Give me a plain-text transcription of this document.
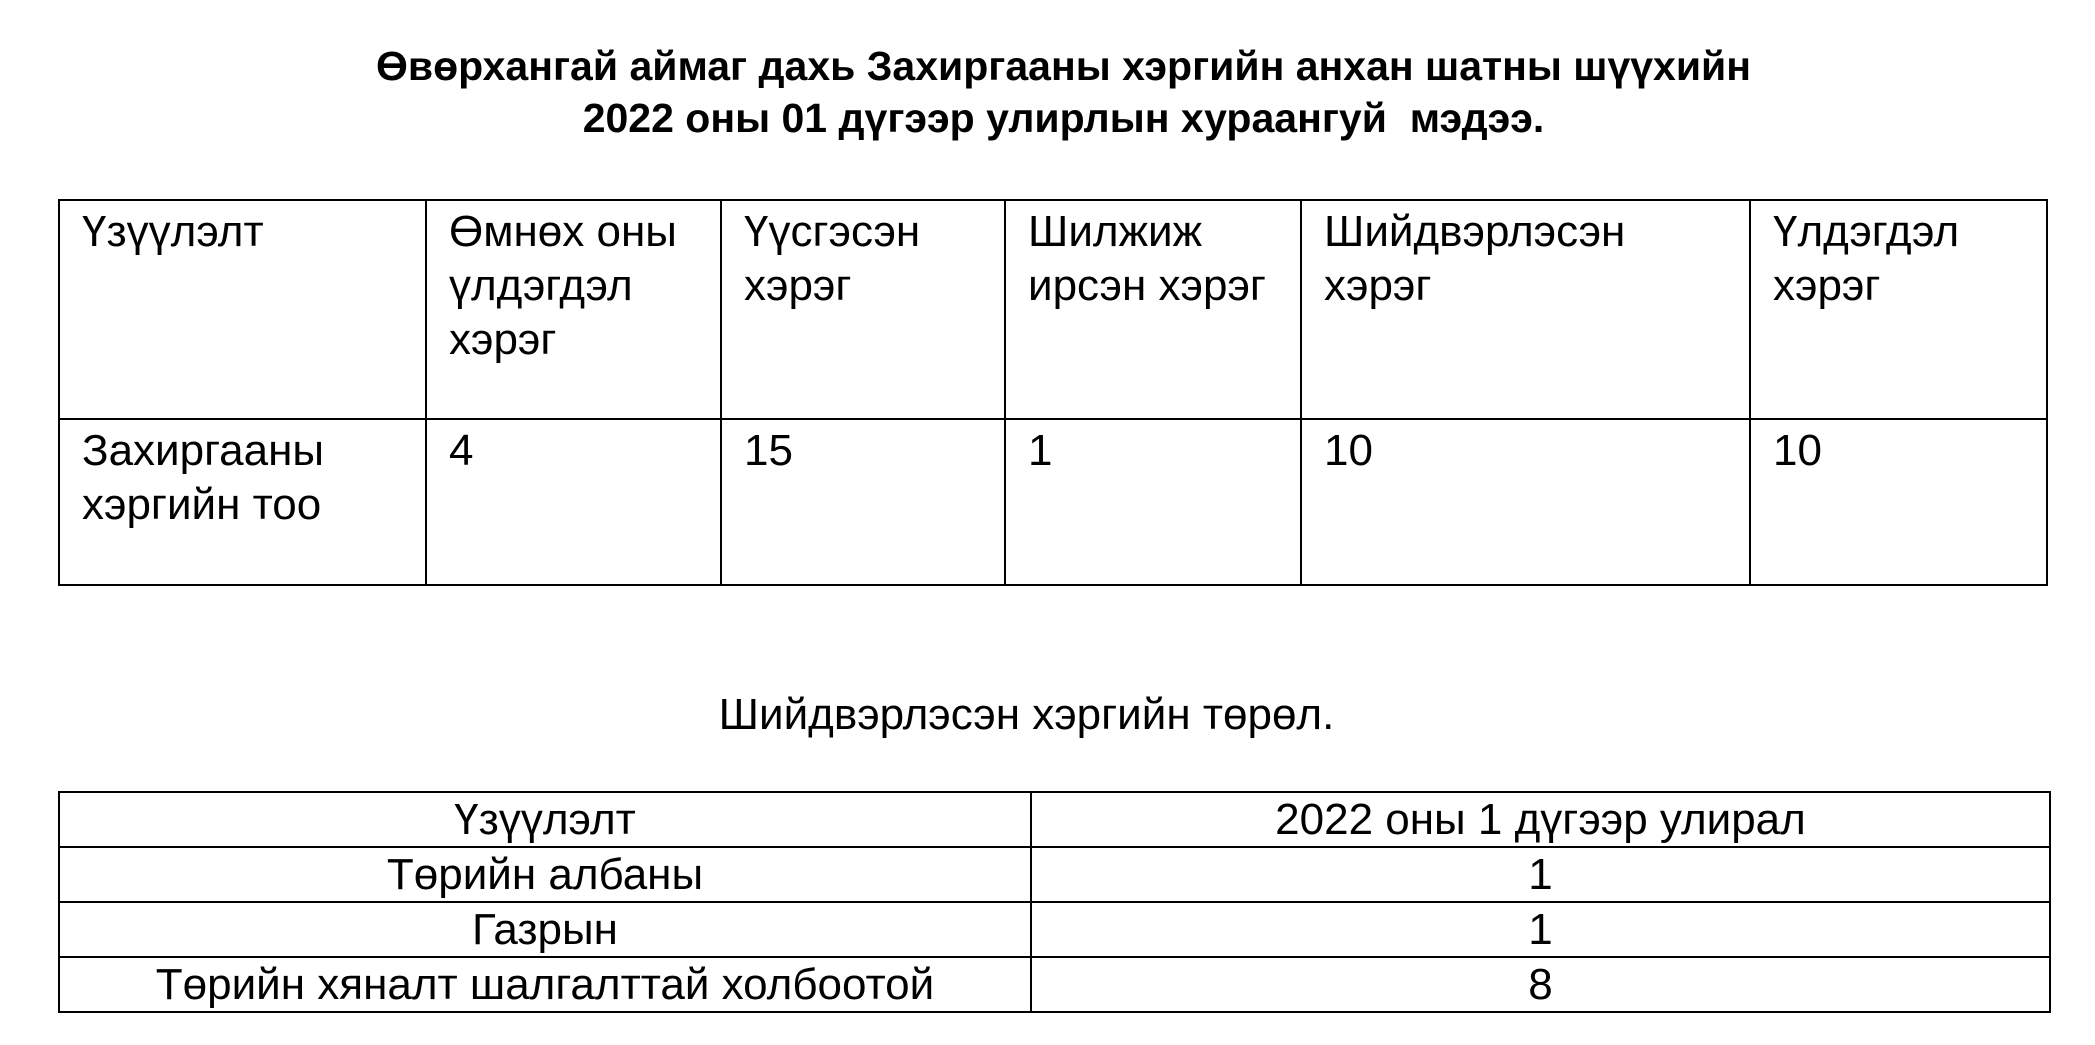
Өвөрхангай аймаг дахь Захиргааны хэргийн анхан шатны шүүхийн
2022 оны 01 дүгээр улирлын хураангуй  мэдээ.
Үзүүлэлт	Өмнөх оны үлдэгдэл хэрэг	Үүсгэсэн хэрэг	Шилжиж ирсэн хэрэг	Шийдвэрлэсэн хэрэг	Үлдэгдэл хэрэг
Захиргааны хэргийн тоо	4	15	1	10	10
Шийдвэрлэсэн хэргийн төрөл.
Үзүүлэлт	2022 оны 1 дүгээр улирал
Төрийн албаны	1
Газрын	1
Төрийн хяналт шалгалттай холбоотой	8
